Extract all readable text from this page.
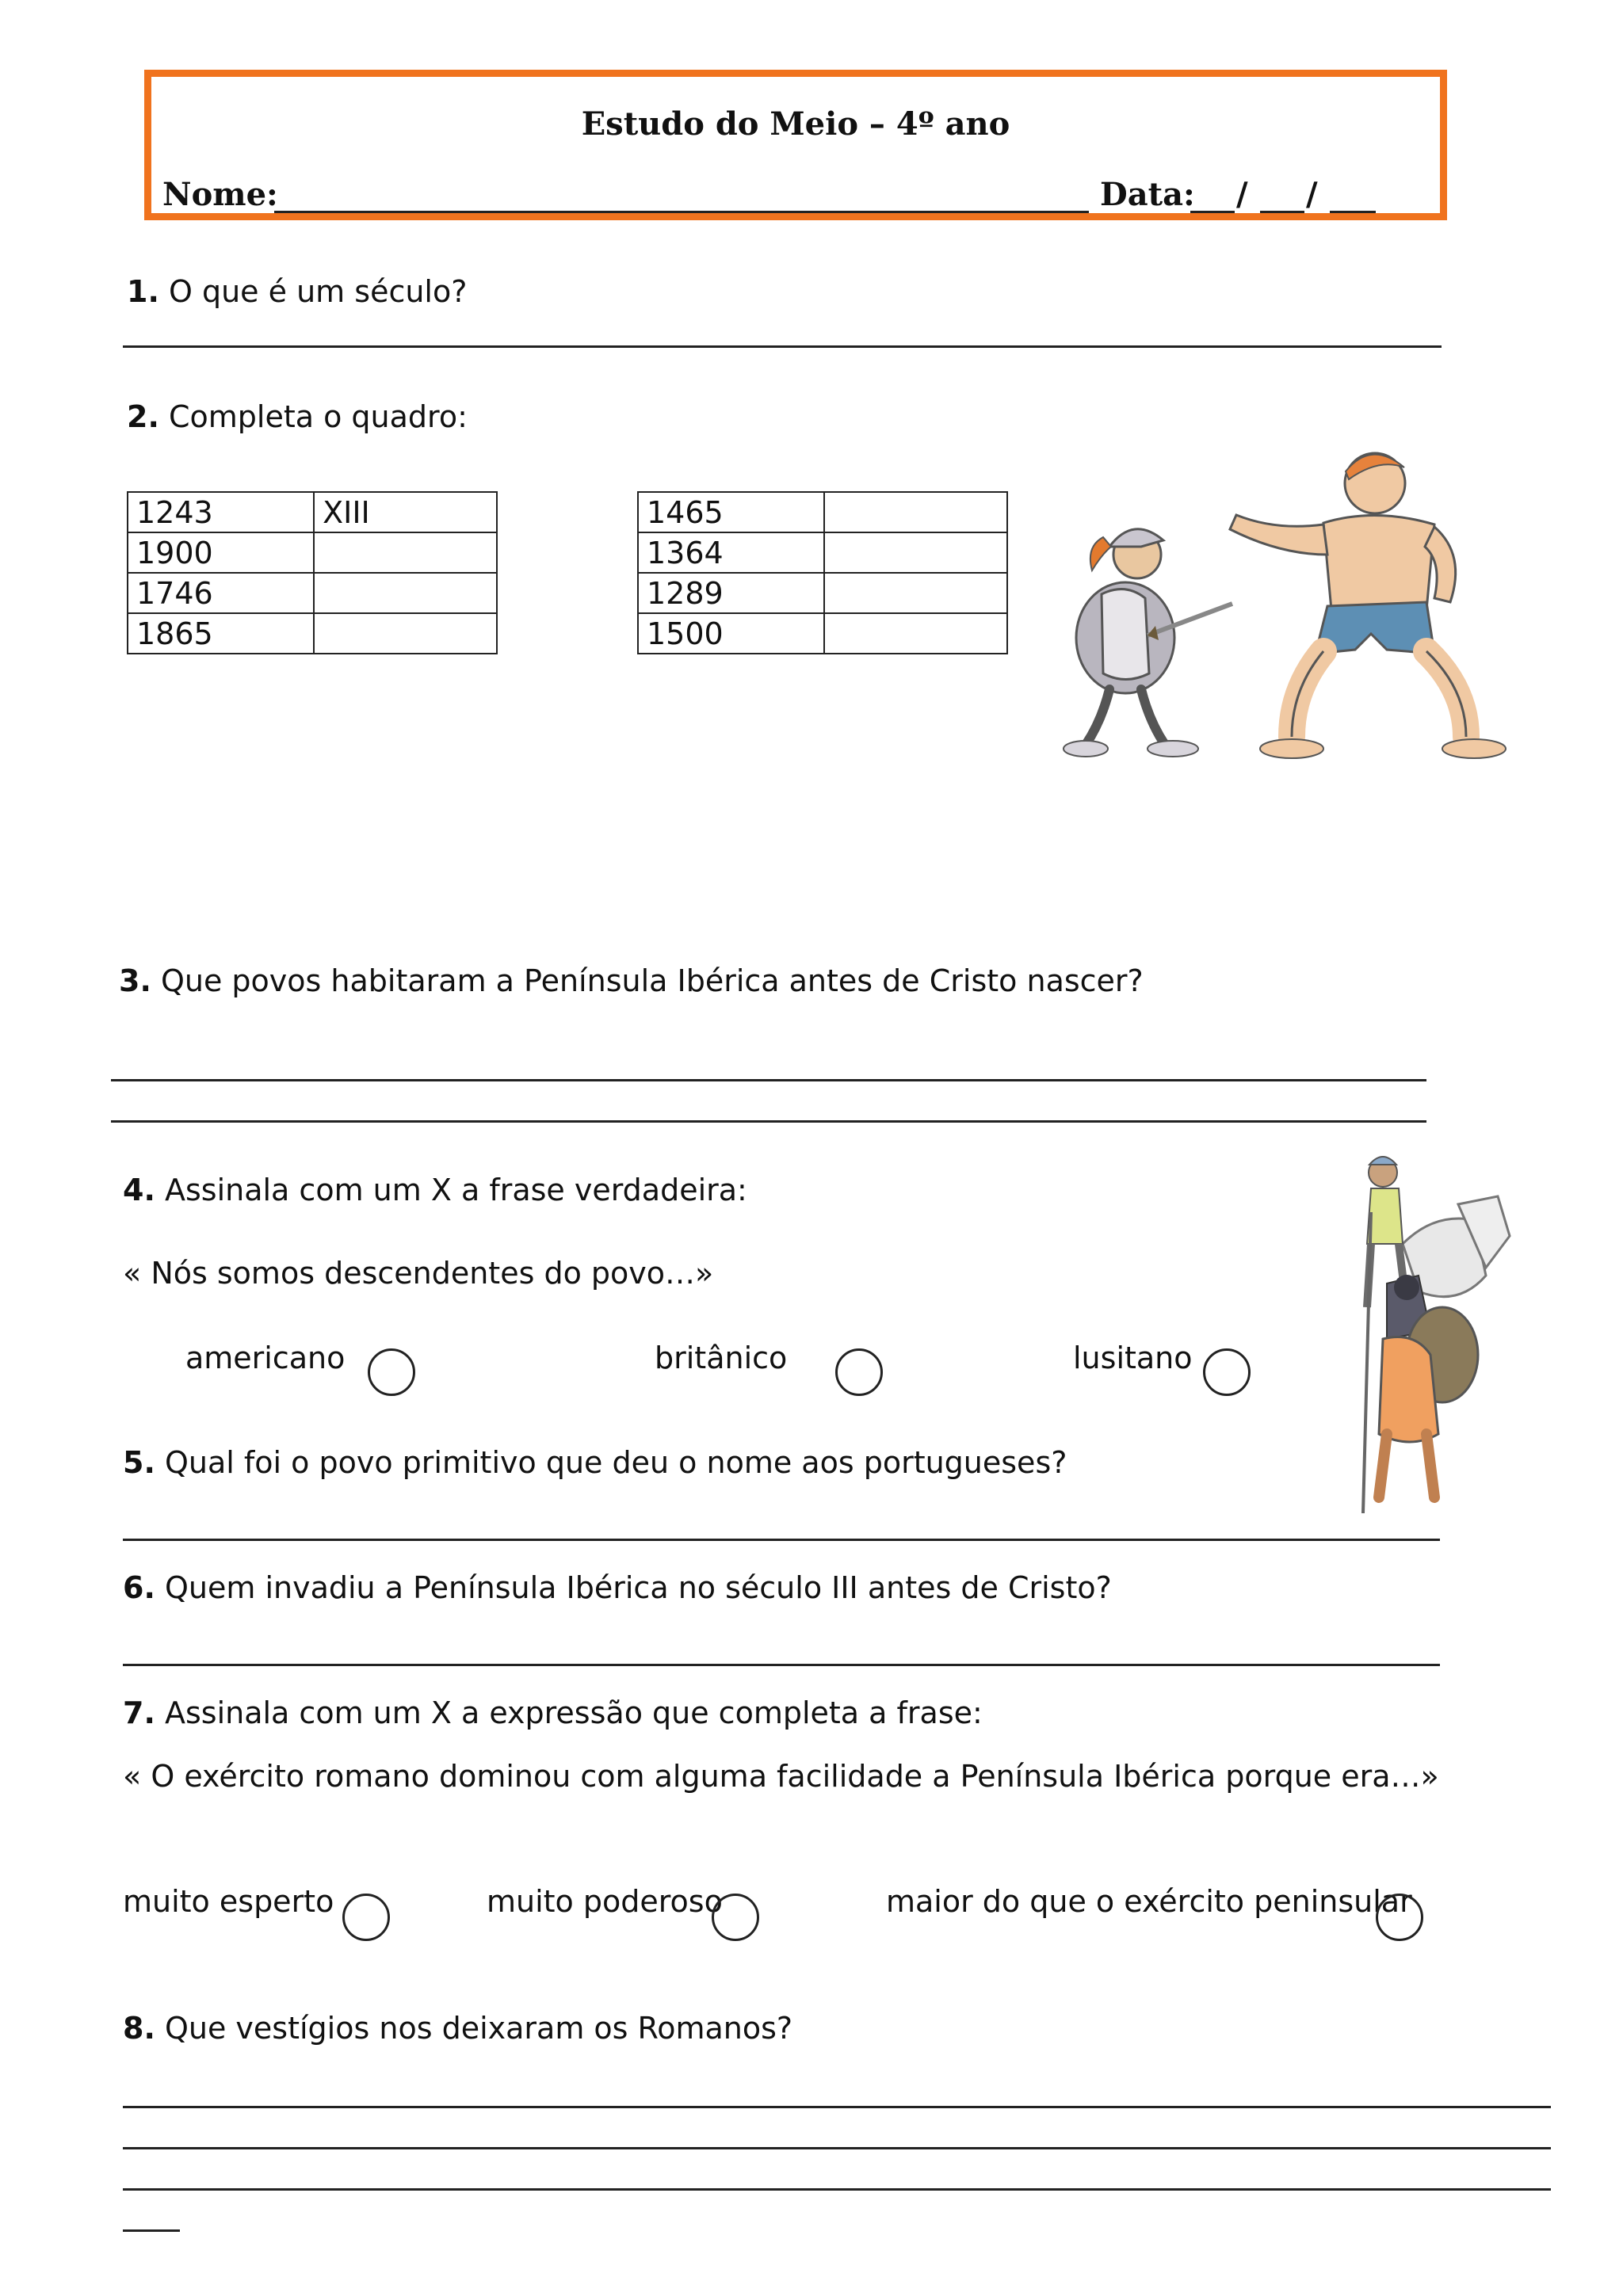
Estudo do Meio – 4º ano
Nome:	Data: / /
1. O que é um século?
2. Completa o quadro:
1243	XIII
1900	
1746	
1865	
1465	
1364	
1289	
1500	
3. Que povos habitaram a Península Ibérica antes de Cristo nascer?
4. Assinala com um X a frase verdadeira:
« Nós somos descendentes do povo…»
americano	britânico	lusitano
5. Qual foi o povo primitivo que deu o nome aos portugueses?
6. Quem invadiu a Península Ibérica no século III antes de Cristo?
7. Assinala com um X a expressão que completa a frase:
« O exército romano dominou com alguma facilidade a Península Ibérica porque era…»
muito esperto	muito poderoso	maior do que o exército peninsular
8. Que vestígios nos deixaram os Romanos?
